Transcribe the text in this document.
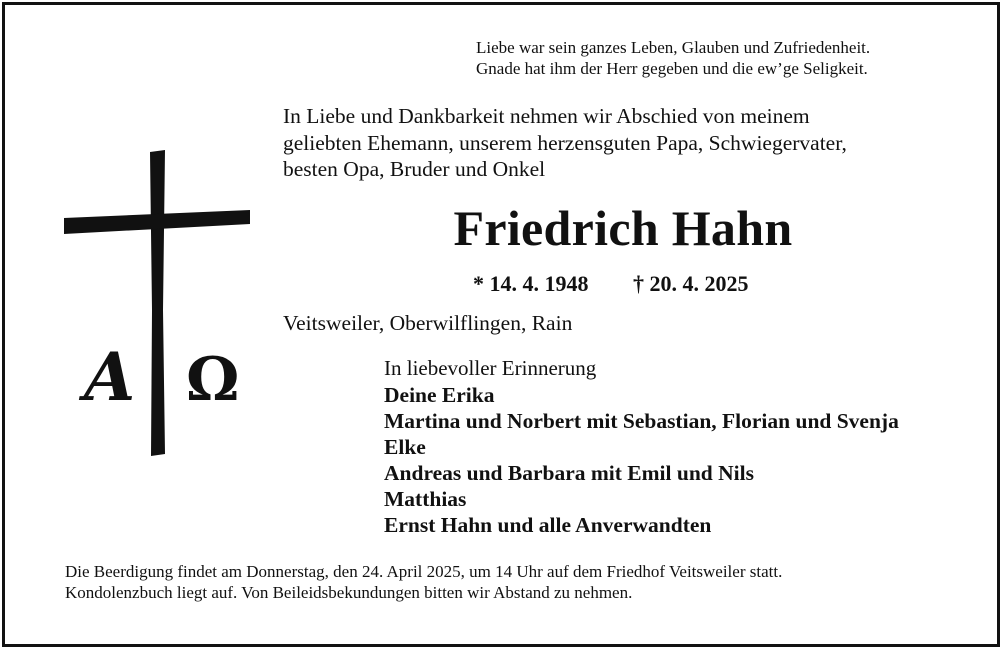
Liebe war sein ganzes Leben, Glauben und Zufriedenheit.
Gnade hat ihm der Herr gegeben und die ew’ge Seligkeit.
In Liebe und Dankbarkeit nehmen wir Abschied von meinem
geliebten Ehemann, unserem herzensguten Papa, Schwiegervater,
besten Opa, Bruder und Onkel
A Ω
Friedrich Hahn
* 14. 4. 1948 † 20. 4. 2025
Veitsweiler, Oberwilflingen, Rain
In liebevoller Erinnerung
Deine Erika
Martina und Norbert mit Sebastian, Florian und Svenja
Elke
Andreas und Barbara mit Emil und Nils
Matthias
Ernst Hahn und alle Anverwandten
Die Beerdigung findet am Donnerstag, den 24. April 2025, um 14 Uhr auf dem Friedhof Veitsweiler statt.
Kondolenzbuch liegt auf. Von Beileidsbekundungen bitten wir Abstand zu nehmen.
